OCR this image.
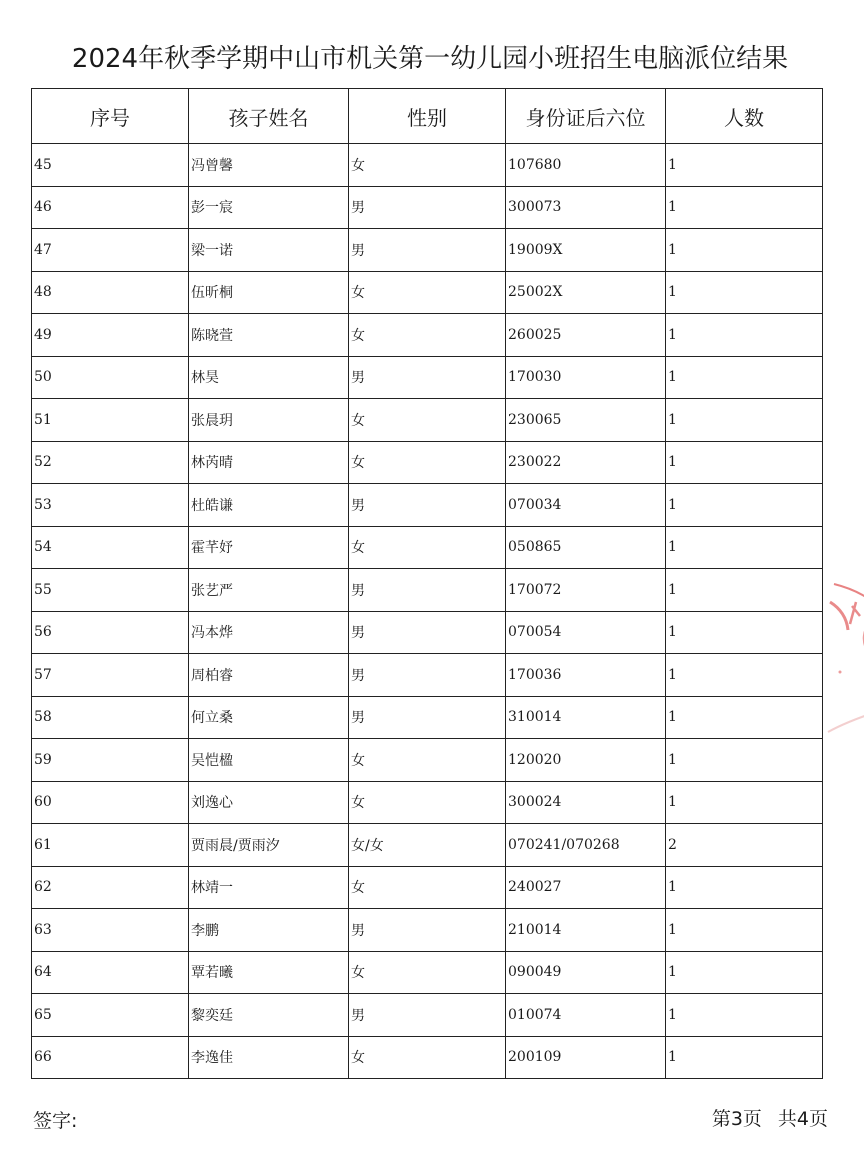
2024年秋季学期中山市机关第一幼儿园小班招生电脑派位结果
序号	孩子姓名	性别	身份证后六位	人数
45	冯曾馨	女	107680	1
46	彭一宸	男	300073	1
47	梁一诺	男	19009X	1
48	伍昕桐	女	25002X	1
49	陈晓萱	女	260025	1
50	林昊	男	170030	1
51	张晨玥	女	230065	1
52	林芮晴	女	230022	1
53	杜皓谦	男	070034	1
54	霍芊妤	女	050865	1
55	张艺严	男	170072	1
56	冯本烨	男	070054	1
57	周柏睿	男	170036	1
58	何立桑	男	310014	1
59	吴恺楹	女	120020	1
60	刘逸心	女	300024	1
61	贾雨晨/贾雨汐	女/女	070241/070268	2
62	林靖一	女	240027	1
63	李鹏	男	210014	1
64	覃若曦	女	090049	1
65	黎奕廷	男	010074	1
66	李逸佳	女	200109	1
签字:	第3页 共4页
